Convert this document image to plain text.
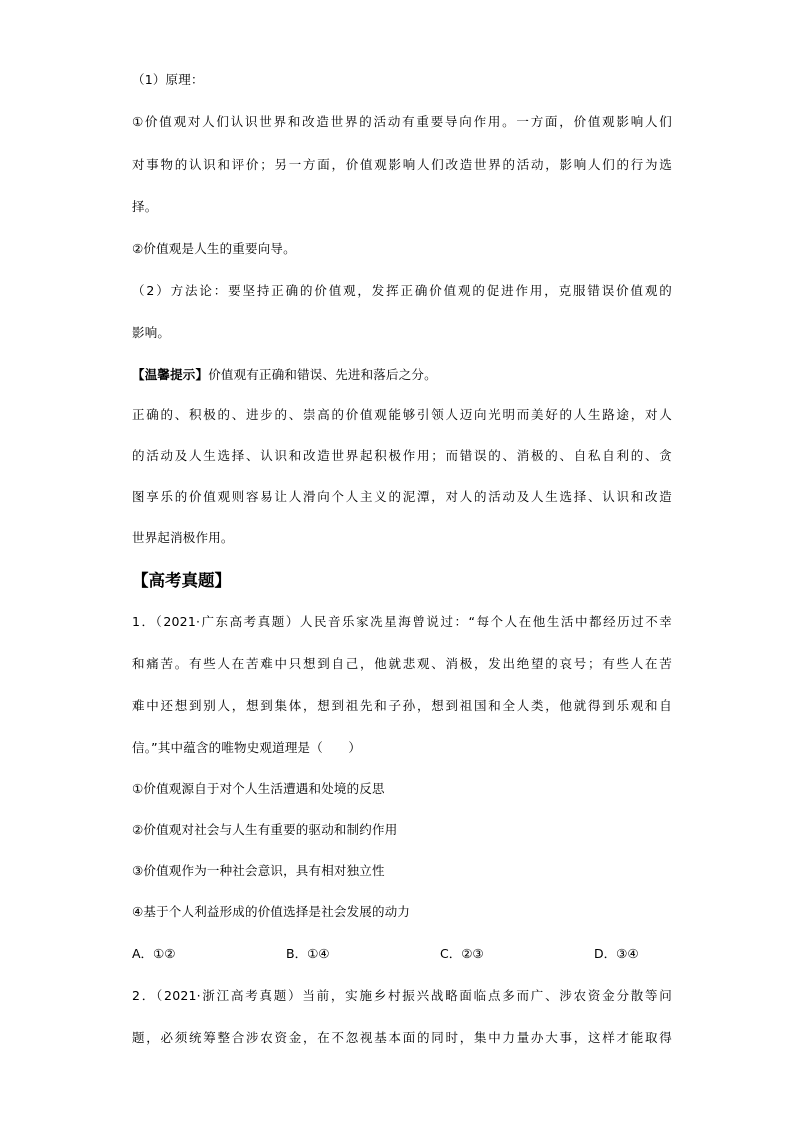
（1）原理：
①价值观对人们认识世界和改造世界的活动有重要导向作用。一方面，价值观影响人们
对事物的认识和评价；另一方面，价值观影响人们改造世界的活动，影响人们的行为选
择。
②价值观是人生的重要向导。
（2）方法论：要坚持正确的价值观，发挥正确价值观的促进作用，克服错误价值观的
影响。
【温馨提示】价值观有正确和错误、先进和落后之分。
正确的、积极的、进步的、崇高的价值观能够引领人迈向光明而美好的人生路途，对人
的活动及人生选择、认识和改造世界起积极作用；而错误的、消极的、自私自利的、贪
图享乐的价值观则容易让人滑向个人主义的泥潭，对人的活动及人生选择、认识和改造
世界起消极作用。
【高考真题】
1．（2021·广东高考真题）人民音乐家冼星海曾说过：“每个人在他生活中都经历过不幸
和痛苦。有些人在苦难中只想到自己，他就悲观、消极，发出绝望的哀号；有些人在苦
难中还想到别人，想到集体，想到祖先和子孙，想到祖国和全人类，他就得到乐观和自
信。”其中蕴含的唯物史观道理是（　　）
①价值观源自于对个人生活遭遇和处境的反思
②价值观对社会与人生有重要的驱动和制约作用
③价值观作为一种社会意识，具有相对独立性
④基于个人利益形成的价值选择是社会发展的动力
A．①②	B．①④	C．②③	D．③④
2．（2021·浙江高考真题）当前，实施乡村振兴战略面临点多而广、涉农资金分散等问
题，必须统筹整合涉农资金，在不忽视基本面的同时，集中力量办大事，这样才能取得
